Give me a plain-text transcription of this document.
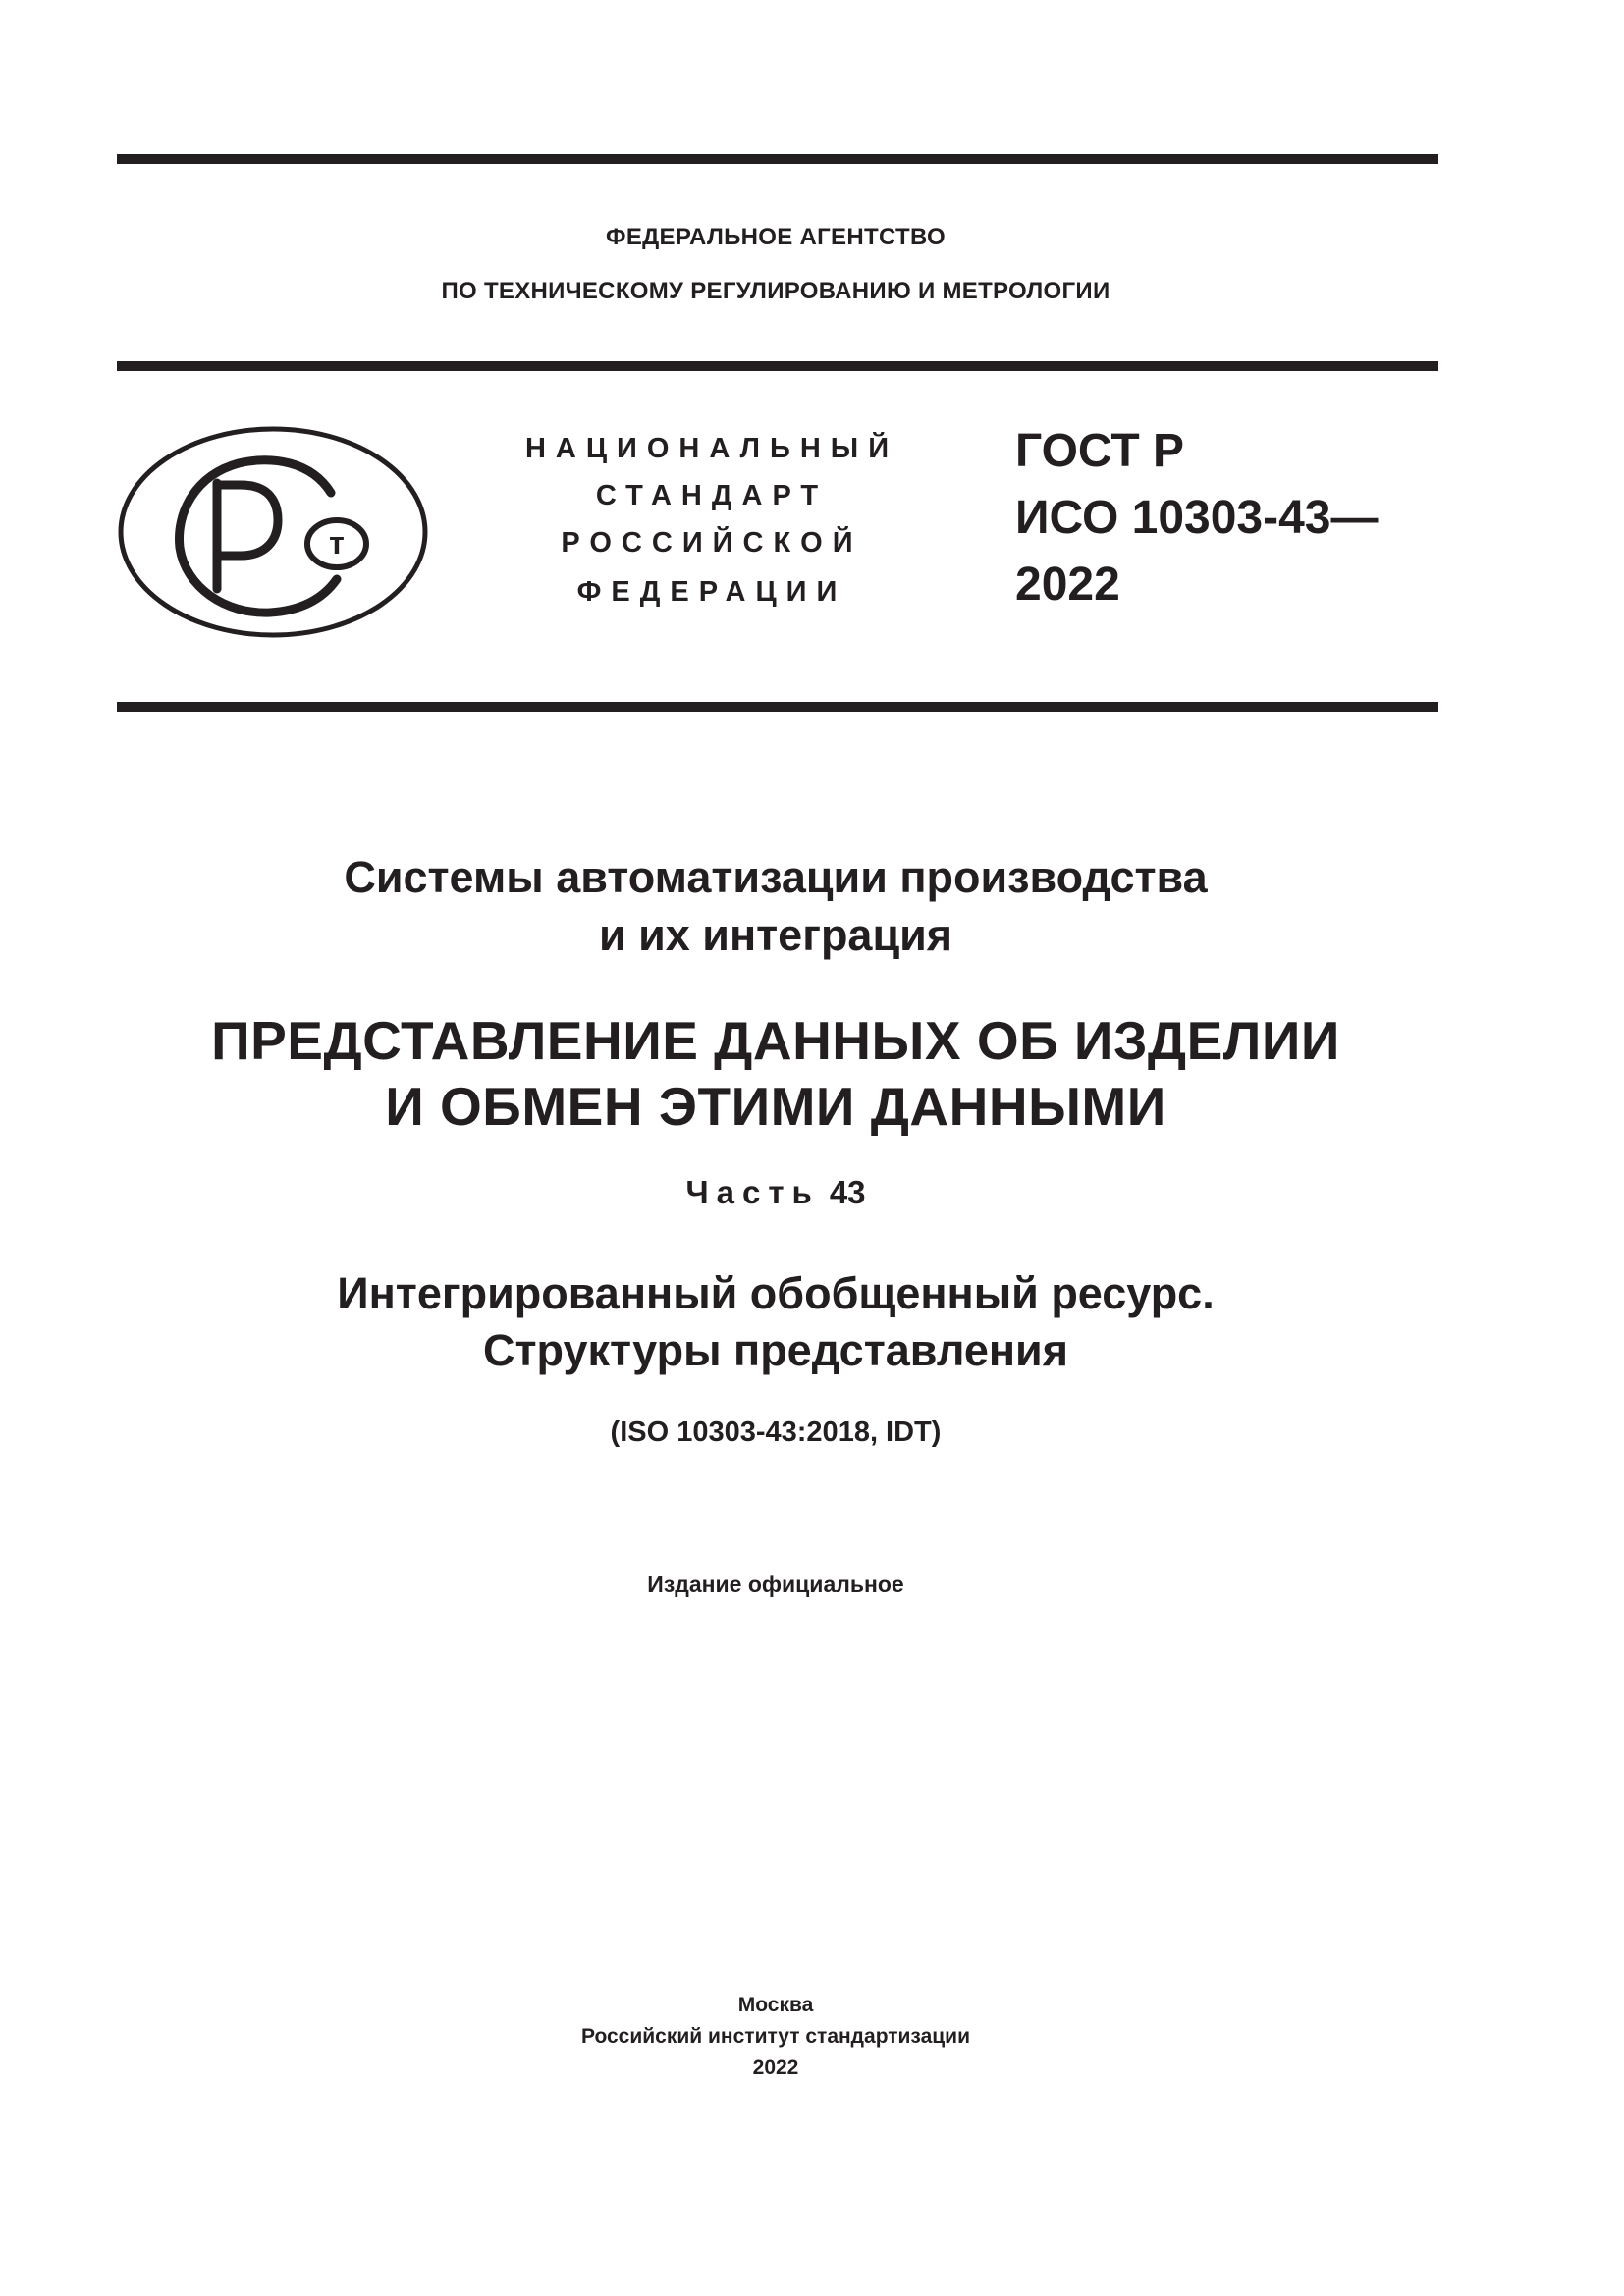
ФЕДЕРАЛЬНОЕ АГЕНТСТВО
ПО ТЕХНИЧЕСКОМУ РЕГУЛИРОВАНИЮ И МЕТРОЛОГИИ
т
НАЦИОНАЛЬНЫЙ
СТАНДАРТ
РОССИЙСКОЙ
ФЕДЕРАЦИИ
ГОСТ Р
ИСО 10303-43—
2022
Системы автоматизации производства
и их интеграция
ПРЕДСТАВЛЕНИЕ ДАННЫХ ОБ ИЗДЕЛИИ
И ОБМЕН ЭТИМИ ДАННЫМИ
Часть 43
Интегрированный обобщенный ресурс.
Структуры представления
(ISO 10303-43:2018, IDT)
Издание официальное
Москва
Российский институт стандартизации
2022
